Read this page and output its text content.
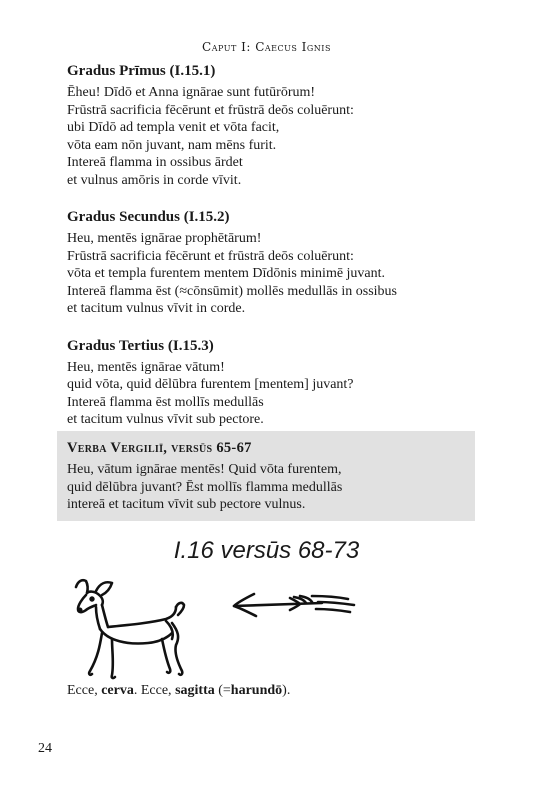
Caput I: Caecus Ignis
Gradus Prīmus (I.15.1)
Ēheu! Dīdō et Anna ignārae sunt futūrōrum!
Frūstrā sacrificia fēcērunt et frūstrā deōs coluērunt:
ubi Dīdō ad templa venit et vōta facit,
vōta eam nōn juvant, nam mēns furit.
Intereā flamma in ossibus ārdet
et vulnus amōris in corde vīvit.
Gradus Secundus (I.15.2)
Heu, mentēs ignārae prophētārum!
Frūstrā sacrificia fēcērunt et frūstrā deōs coluērunt:
vōta et templa furentem mentem Dīdōnis minimē juvant.
Intereā flamma ēst (≈cōnsūmit) mollēs medullās in ossibus
et tacitum vulnus vīvit in corde.
Gradus Tertius (I.15.3)
Heu, mentēs ignārae vātum!
quid vōta, quid dēlūbra furentem [mentem] juvant?
Intereā flamma ēst mollīs medullās
et tacitum vulnus vīvit sub pectore.
Verba Vergiliī, versūs 65-67
Heu, vātum ignārae mentēs! Quid vōta furentem,
quid dēlūbra juvant? Ēst mollīs flamma medullās
intereā et tacitum vīvit sub pectore vulnus.
I.16 versūs 68-73
Ecce, cerva. Ecce, sagitta (=harundō).
24
